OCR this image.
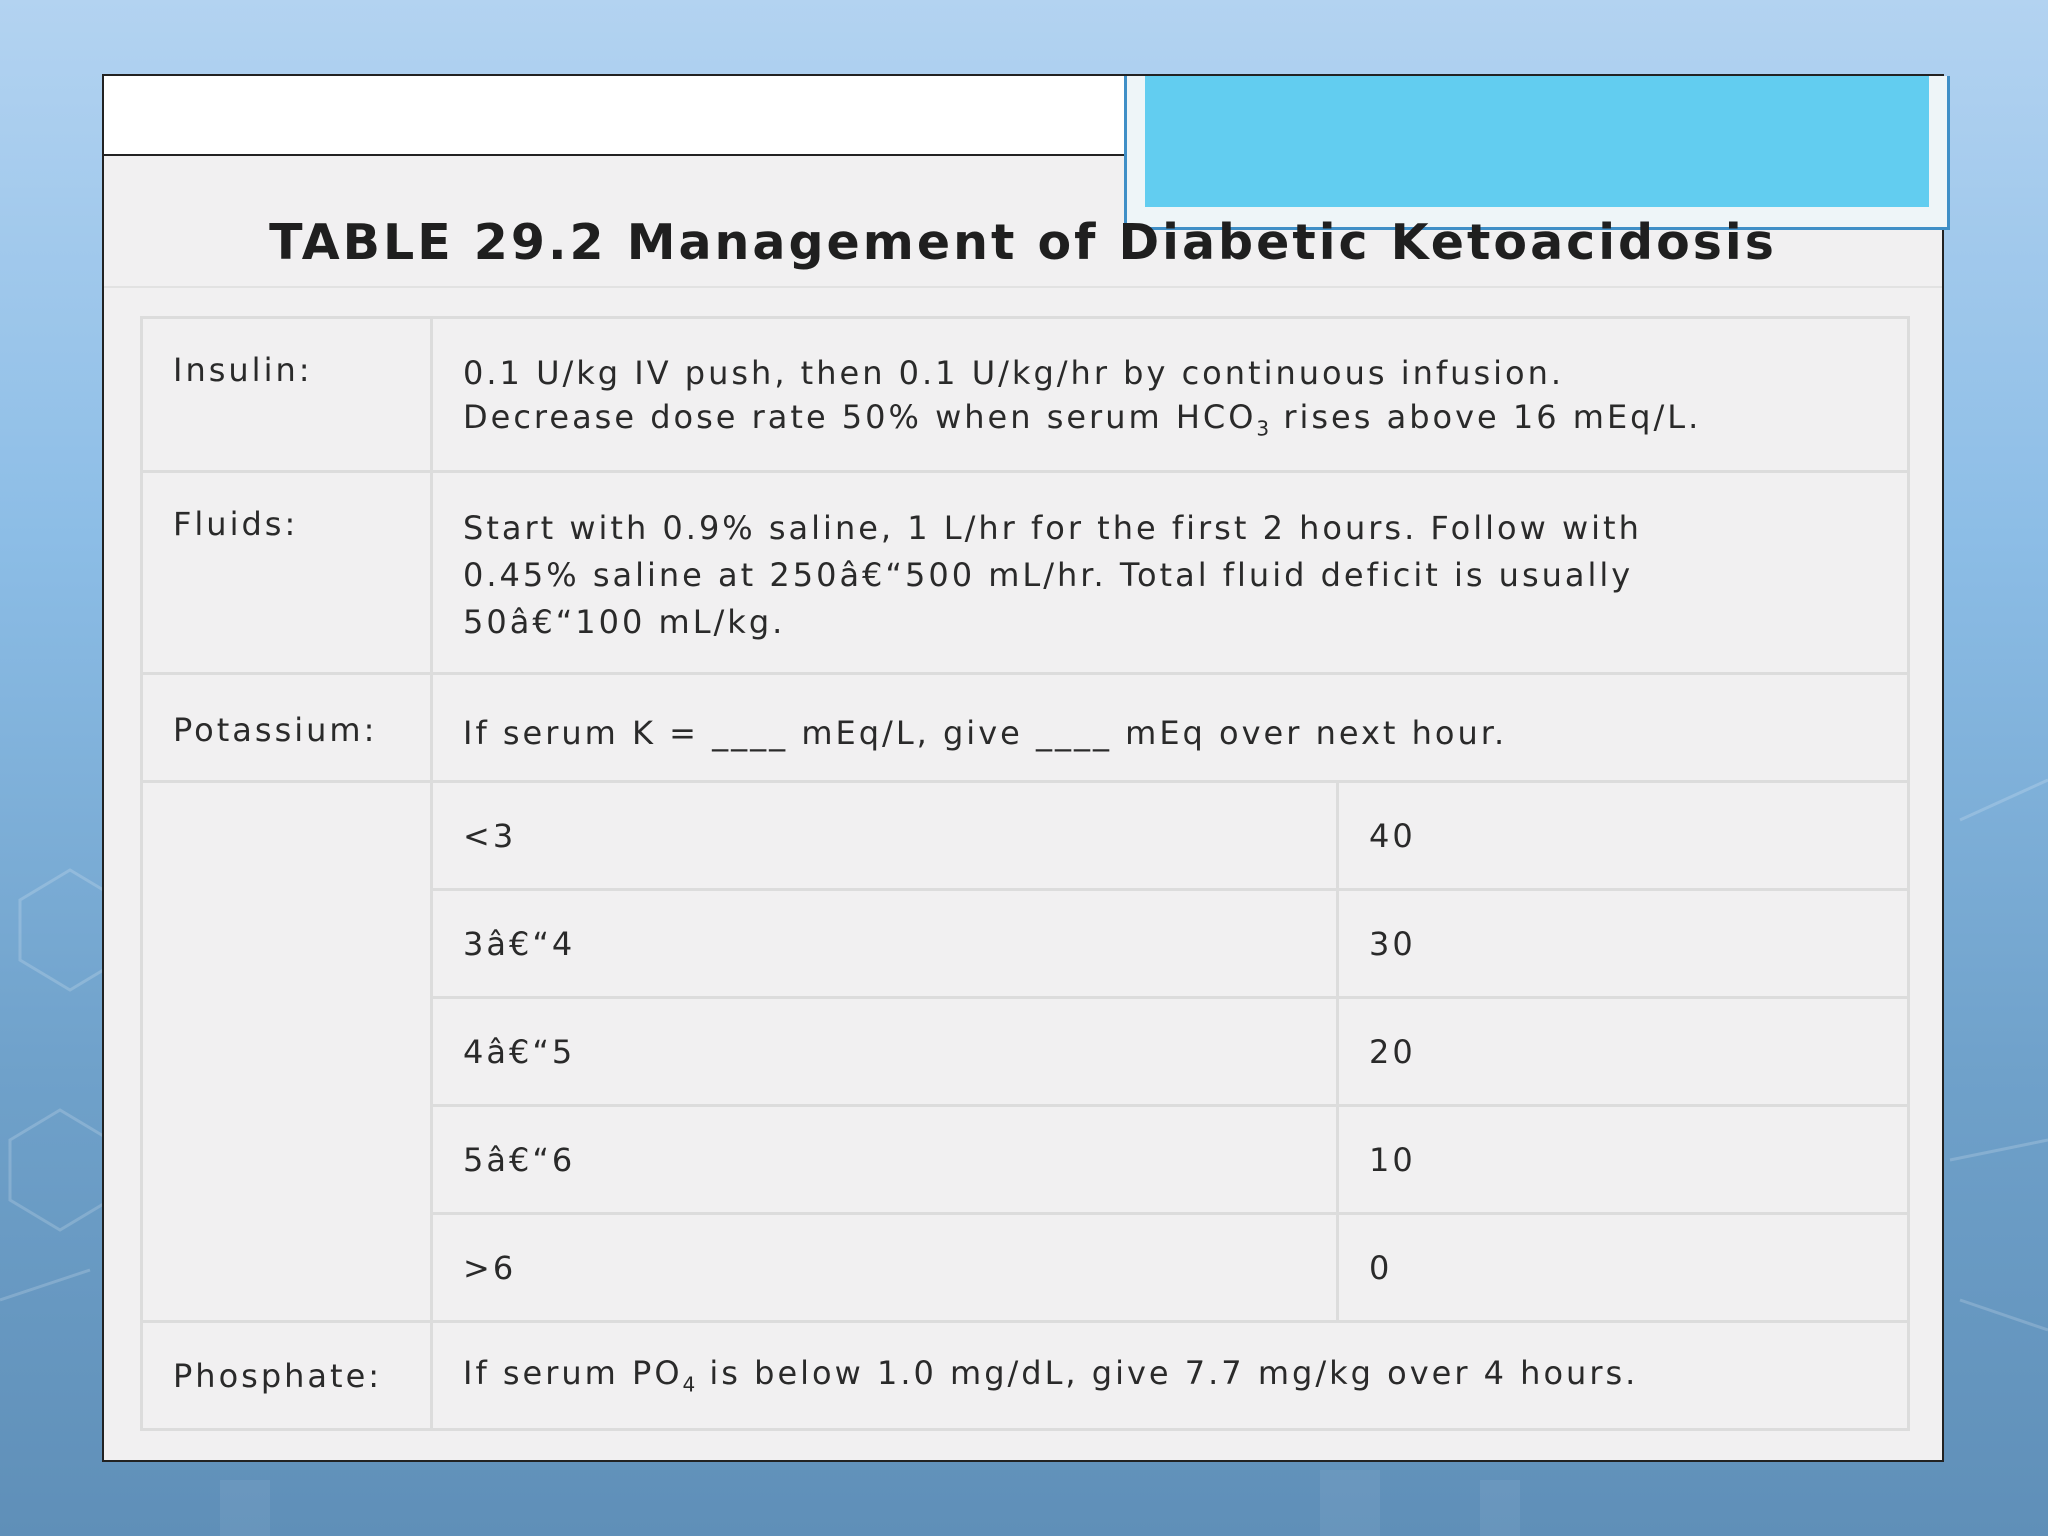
TABLE 29.2 Management of Diabetic Ketoacidosis
Insulin:	0.1 U/kg IV push, then 0.1 U/kg/hr by continuous infusion.
Decrease dose rate 50% when serum $HCO_3$ rises above 16 mEq/L.	

Fluids:	Start with 0.9% saline, 1 L/hr for the first 2 hours. Follow with
0.45% saline at 250â€“500 mL/hr. Total fluid deficit is usually
50â€“100 mL/kg.	

Potassium:	If serum K = ____ mEq/L, give ____ mEq over next hour.	
	<3	40
	3â€“4	30
	4â€“5	20
	5â€“6	10
	>6	0
Phosphate:	If serum $PO_4$ is below 1.0 mg/dL, give 7.7 mg/kg over 4 hours.	
